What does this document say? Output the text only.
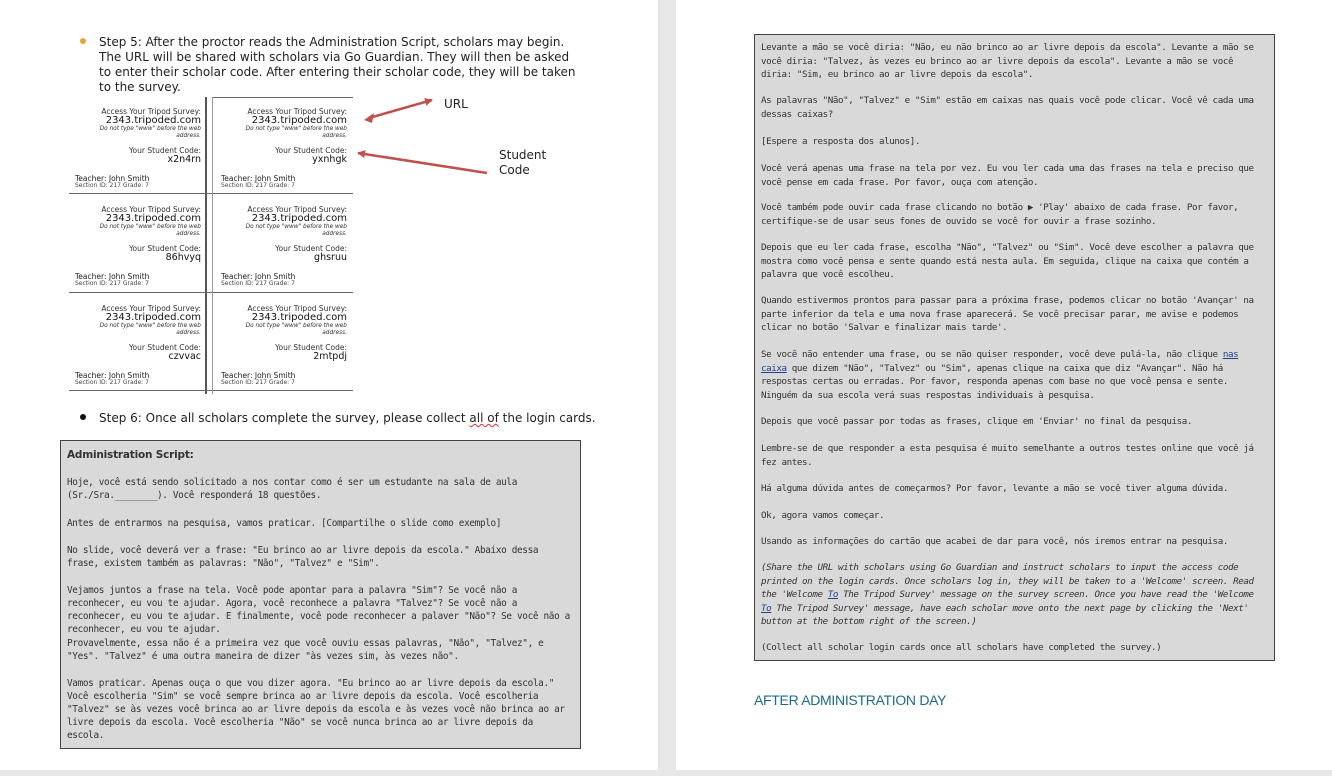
Step 5: After the proctor reads the Administration Script, scholars may begin. The URL will be shared with scholars via Go Guardian. They will then be asked to enter their scholar code. After entering their scholar code, they will be taken to the survey.
Access Your Tripod Survey:
2343.tripoded.com
Do not type "www" before the web address.
Your Student Code:
x2n4rn
Teacher: John Smith
Section ID: 217 Grade: 7
Access Your Tripod Survey:
2343.tripoded.com
Do not type "www" before the web address.
Your Student Code:
yxnhgk
Teacher: John Smith
Section ID: 217 Grade: 7
Access Your Tripod Survey:
2343.tripoded.com
Do not type "www" before the web address.
Your Student Code:
86hvyq
Teacher: John Smith
Section ID: 217 Grade: 7
Access Your Tripod Survey:
2343.tripoded.com
Do not type "www" before the web address.
Your Student Code:
ghsruu
Teacher: John Smith
Section ID: 217 Grade: 7
Access Your Tripod Survey:
2343.tripoded.com
Do not type "www" before the web address.
Your Student Code:
czvvac
Teacher: John Smith
Section ID: 217 Grade: 7
Access Your Tripod Survey:
2343.tripoded.com
Do not type "www" before the web address.
Your Student Code:
2mtpdj
Teacher: John Smith
Section ID: 217 Grade: 7
URL
Student
Code
Step 6: Once all scholars complete the survey, please collect all of the login cards.

Administration Script:

Hoje, você está sendo solicitado a nos contar como é ser um estudante na sala de aula (Sr./Sra.________). Você responderá 18 questões.

Antes de entrarmos na pesquisa, vamos praticar. [Compartilhe o slide como exemplo]

No slide, você deverá ver a frase: "Eu brinco ao ar livre depois da escola." Abaixo dessa frase, existem também as palavras: "Não", "Talvez" e "Sim".

Vejamos juntos a frase na tela. Você pode apontar para a palavra "Sim"? Se você não a reconhecer, eu vou te ajudar. Agora, você reconhece a palavra "Talvez"? Se você não a reconhecer, eu vou te ajudar. E finalmente, você pode reconhecer a palaver "Não"? Se você não a reconhecer, eu vou te ajudar.

Provavelmente, essa não é a primeira vez que você ouviu essas palavras, "Não", "Talvez", e "Yes". "Talvez" é uma outra maneira de dizer "às vezes sim, às vezes não".

Vamos praticar. Apenas ouça o que vou dizer agora. "Eu brinco ao ar livre depois da escola." Você escolheria "Sim" se você sempre brinca ao ar livre depois da escola. Você escolheria "Talvez" se às vezes você brinca ao ar livre depois da escola e às vezes você não brinca ao ar livre depois da escola. Você escolheria "Não" se você nunca brinca ao ar livre depois da escola.

Levante a mão se você diria: "Não, eu não brinco ao ar livre depois da escola". Levante a mão se você diria: "Talvez, às vezes eu brinco ao ar livre depois da escola". Levante a mão se você diria: "Sim, eu brinco ao ar livre depois da escola".

As palavras "Não", "Talvez" e "Sim" estão em caixas nas quais você pode clicar. Você vê cada uma dessas caixas?

[Espere a resposta dos alunos].

Você verá apenas uma frase na tela por vez. Eu vou ler cada uma das frases na tela e preciso que você pense em cada frase. Por favor, ouça com atenção.

Você também pode ouvir cada frase clicando no botão ▶ 'Play' abaixo de cada frase. Por favor, certifique-se de usar seus fones de ouvido se você for ouvir a frase sozinho.

Depois que eu ler cada frase, escolha "Não", "Talvez" ou "Sim". Você deve escolher a palavra que mostra como você pensa e sente quando está nesta aula. Em seguida, clique na caixa que contém a palavra que você escolheu.

Quando estivermos prontos para passar para a próxima frase, podemos clicar no botão 'Avançar' na parte inferior da tela e uma nova frase aparecerá. Se você precisar parar, me avise e podemos clicar no botão 'Salvar e finalizar mais tarde'.

Se você não entender uma frase, ou se não quiser responder, você deve pulá-la, não clique nas caixa que dizem "Não", "Talvez" ou "Sim", apenas clique na caixa que diz "Avançar". Não há respostas certas ou erradas. Por favor, responda apenas com base no que você pensa e sente. Ninguém da sua escola verá suas respostas individuais à pesquisa.

Depois que você passar por todas as frases, clique em 'Enviar' no final da pesquisa.

Lembre-se de que responder a esta pesquisa é muito semelhante a outros testes online que você já fez antes.

Há alguma dúvida antes de começarmos? Por favor, levante a mão se você tiver alguma dúvida.

Ok, agora vamos começar.

Usando as informações do cartão que acabei de dar para você, nós iremos entrar na pesquisa.

(Share the URL with scholars using Go Guardian and instruct scholars to input the access code printed on the login cards. Once scholars log in, they will be taken to a 'Welcome' screen. Read the 'Welcome To The Tripod Survey' message on the survey screen. Once you have read the 'Welcome To The Tripod Survey' message, have each scholar move onto the next page by clicking the 'Next' button at the bottom right of the screen.)

(Collect all scholar login cards once all scholars have completed the survey.)

AFTER ADMINISTRATION DAY
